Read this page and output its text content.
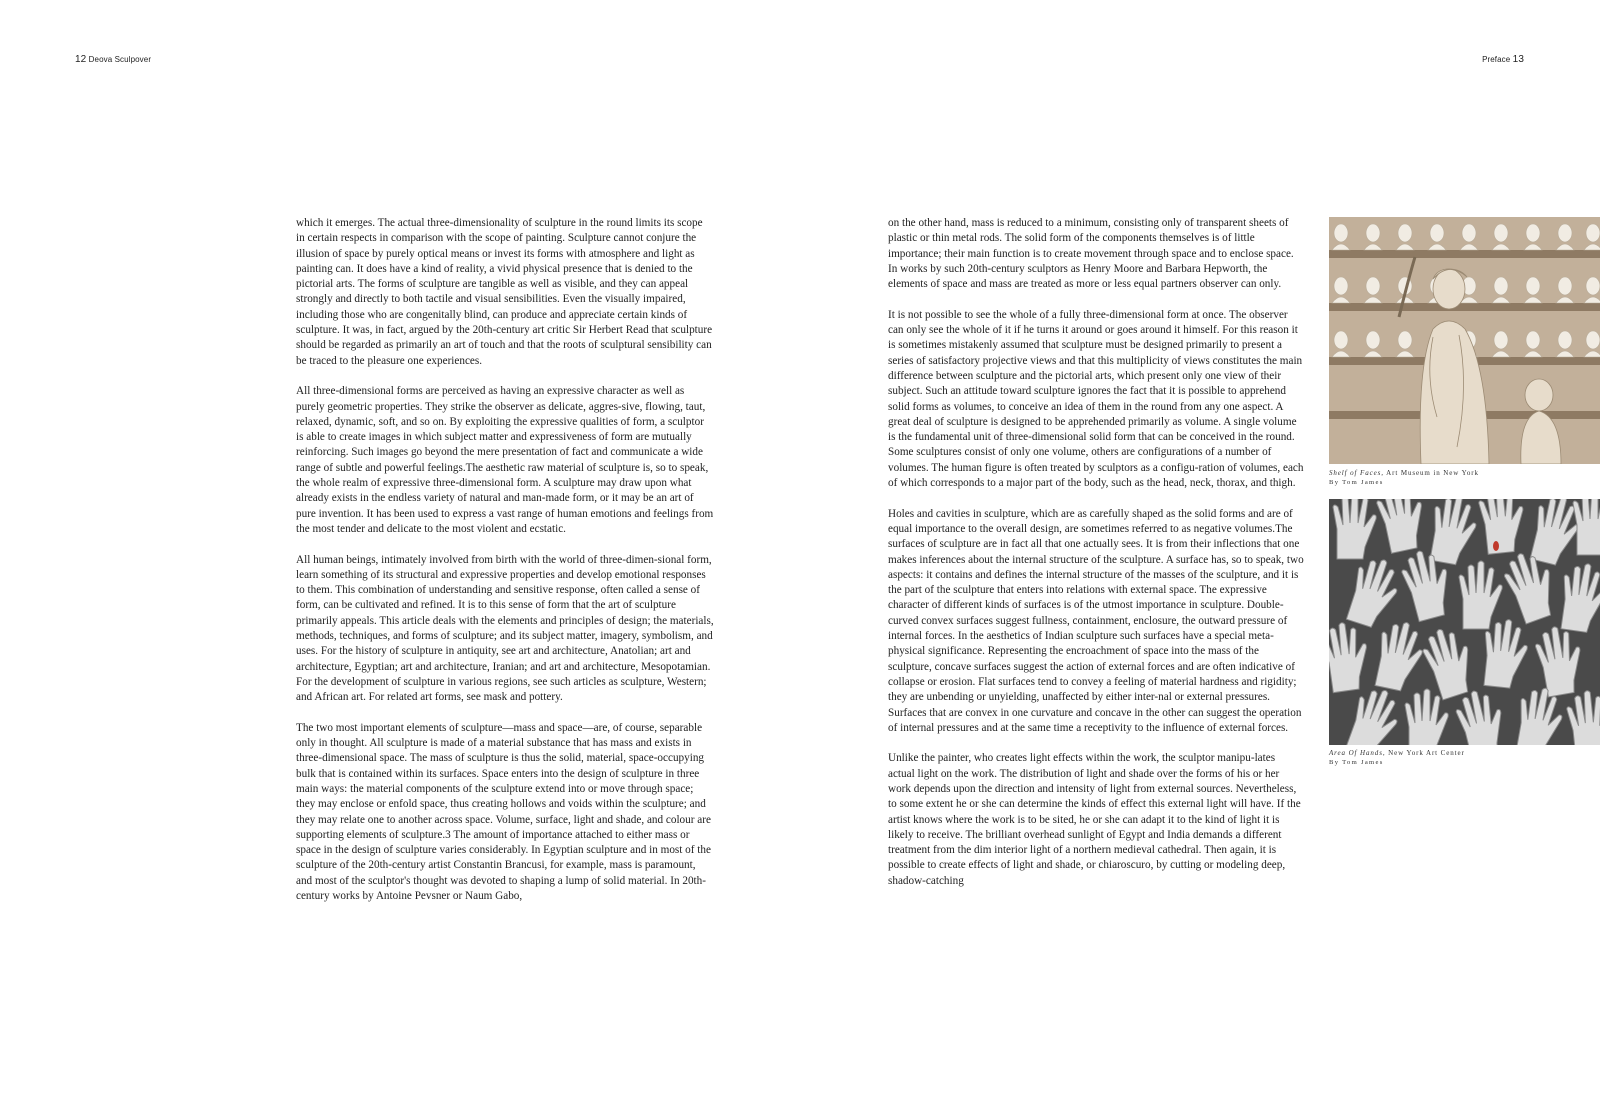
12 Deova Sculpover	Preface 13

which it emerges. The actual three-dimensionality of sculpture in the round limits its scope in certain respects in comparison with the scope of painting. Sculpture cannot conjure the illusion of space by purely optical means or invest its forms with atmosphere and light as painting can. It does have a kind of reality, a vivid physical presence that is denied to the pictorial arts. The forms of sculpture are tangible as well as visible, and they can appeal strongly and directly to both tactile and visual sensibilities. Even the visually impaired, including those who are congenitally blind, can produce and appreciate certain kinds of sculpture. It was, in fact, argued by the 20th-century art critic Sir Herbert Read that sculpture should be regarded as primarily an art of touch and that the roots of sculptural sensibility can be traced to the pleasure one experiences.

All three-dimensional forms are perceived as having an expressive character as well as purely geometric properties. They strike the observer as delicate, aggres-sive, flowing, taut, relaxed, dynamic, soft, and so on. By exploiting the expressive qualities of form, a sculptor is able to create images in which subject matter and expressiveness of form are mutually reinforcing. Such images go beyond the mere presentation of fact and communicate a wide range of subtle and powerful feelings.The aesthetic raw material of sculpture is, so to speak, the whole realm of expressive three-dimensional form. A sculpture may draw upon what already exists in the endless variety of natural and man-made form, or it may be an art of pure invention. It has been used to express a vast range of human emotions and feelings from the most tender and delicate to the most violent and ecstatic.

All human beings, intimately involved from birth with the world of three-dimen-sional form, learn something of its structural and expressive properties and develop emotional responses to them. This combination of understanding and sensitive response, often called a sense of form, can be cultivated and refined. It is to this sense of form that the art of sculpture primarily appeals. This article deals with the elements and principles of design; the materials, methods, techniques, and forms of sculpture; and its subject matter, imagery, symbolism, and uses. For the history of sculpture in antiquity, see art and architecture, Anatolian; art and architecture, Egyptian; art and architecture, Iranian; and art and architecture, Mesopotamian. For the development of sculpture in various regions, see such articles as sculpture, Western; and African art. For related art forms, see mask and pottery.

The two most important elements of sculpture—mass and space—are, of course, separable only in thought. All sculpture is made of a material substance that has mass and exists in three-dimensional space. The mass of sculpture is thus the solid, material, space-occupying bulk that is contained within its surfaces. Space enters into the design of sculpture in three main ways: the material components of the sculpture extend into or move through space; they may enclose or enfold space, thus creating hollows and voids within the sculpture; and they may relate one to another across space. Volume, surface, light and shade, and colour are supporting elements of sculpture.3 The amount of importance attached to either mass or space in the design of sculpture varies considerably. In Egyptian sculpture and in most of the sculpture of the 20th-century artist Constantin Brancusi, for example, mass is paramount, and most of the sculptor's thought was devoted to shaping a lump of solid material. In 20th-century works by Antoine Pevsner or Naum Gabo,

on the other hand, mass is reduced to a minimum, consisting only of transparent sheets of plastic or thin metal rods. The solid form of the components themselves is of little importance; their main function is to create movement through space and to enclose space. In works by such 20th-century sculptors as Henry Moore and Barbara Hepworth, the elements of space and mass are treated as more or less equal partners observer can only.

It is not possible to see the whole of a fully three-dimensional form at once. The observer can only see the whole of it if he turns it around or goes around it himself. For this reason it is sometimes mistakenly assumed that sculpture must be designed primarily to present a series of satisfactory projective views and that this multiplicity of views constitutes the main difference between sculpture and the pictorial arts, which present only one view of their subject. Such an attitude toward sculpture ignores the fact that it is possible to apprehend solid forms as volumes, to conceive an idea of them in the round from any one aspect. A great deal of sculpture is designed to be apprehended primarily as volume. A single volume is the fundamental unit of three-dimensional solid form that can be conceived in the round. Some sculptures consist of only one volume, others are configurations of a number of volumes. The human figure is often treated by sculptors as a configu-ration of volumes, each of which corresponds to a major part of the body, such as the head, neck, thorax, and thigh.

Holes and cavities in sculpture, which are as carefully shaped as the solid forms and are of equal importance to the overall design, are sometimes referred to as negative volumes.The surfaces of sculpture are in fact all that one actually sees. It is from their inflections that one makes inferences about the internal structure of the sculpture. A surface has, so to speak, two aspects: it contains and defines the internal structure of the masses of the sculpture, and it is the part of the sculpture that enters into relations with external space. The expressive character of different kinds of surfaces is of the utmost importance in sculpture. Double-curved convex surfaces suggest fullness, containment, enclosure, the outward pressure of internal forces. In the aesthetics of Indian sculpture such surfaces have a special meta-physical significance. Representing the encroachment of space into the mass of the sculpture, concave surfaces suggest the action of external forces and are often indicative of collapse or erosion. Flat surfaces tend to convey a feeling of material hardness and rigidity; they are unbending or unyielding, unaffected by either inter-nal or external pressures. Surfaces that are convex in one curvature and concave in the other can suggest the operation of internal pressures and at the same time a receptivity to the influence of external forces.

Unlike the painter, who creates light effects within the work, the sculptor manipu-lates actual light on the work. The distribution of light and shade over the forms of his or her work depends upon the direction and intensity of light from external sources. Nevertheless, to some extent he or she can determine the kinds of effect this external light will have. If the artist knows where the work is to be sited, he or she can adapt it to the kind of light it is likely to receive. The brilliant overhead sunlight of Egypt and India demands a different treatment from the dim interior light of a northern medieval cathedral. Then again, it is possible to create effects of light and shade, or chiaroscuro, by cutting or modeling deep, shadow-catching

Shelf of Faces, Art Museum in New York
By Tom James
Area Of Hands, New York Art Center
By Tom James
